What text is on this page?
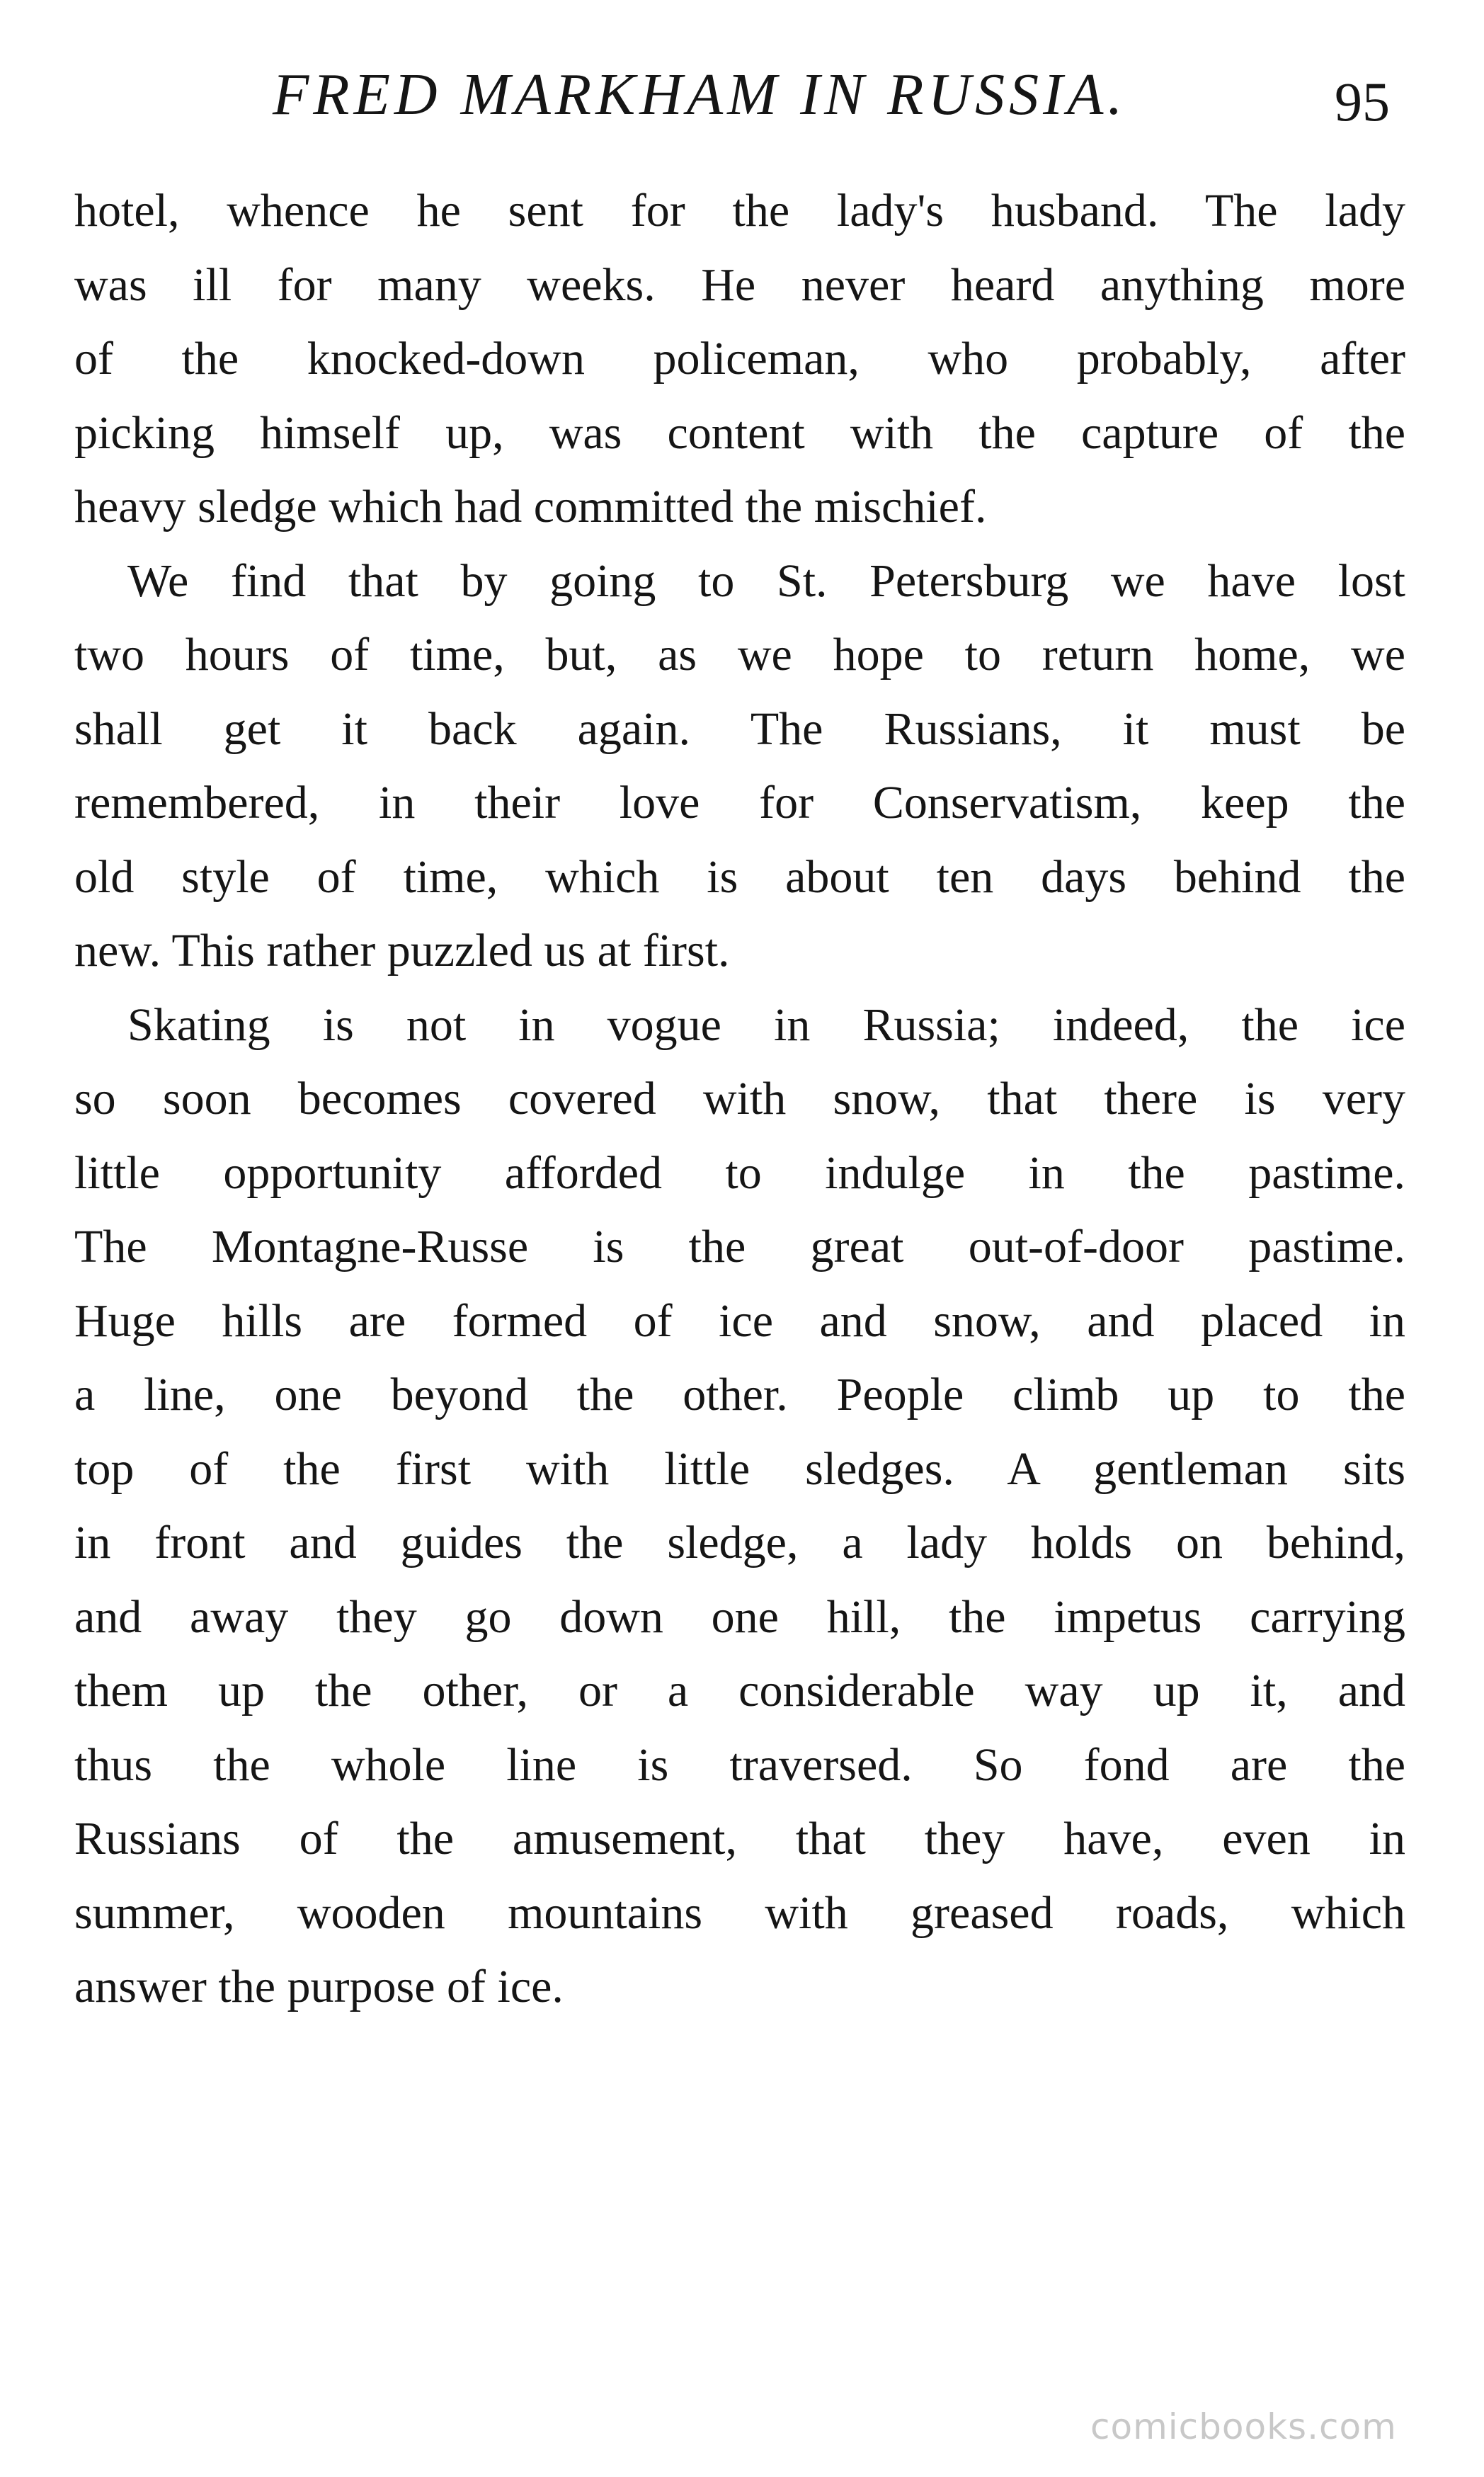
FRED MARKHAM IN RUSSIA.	95
hotel, whence he sent for the lady's husband. The lady
was ill for many weeks. He never heard anything more
of the knocked-down policeman, who probably, after
picking himself up, was content with the capture of the
heavy sledge which had committed the mischief.
We find that by going to St. Petersburg we have lost
two hours of time, but, as we hope to return home, we
shall get it back again. The Russians, it must be
remembered, in their love for Conservatism, keep the
old style of time, which is about ten days behind the
new. This rather puzzled us at first.
Skating is not in vogue in Russia; indeed, the ice
so soon becomes covered with snow, that there is very
little opportunity afforded to indulge in the pastime.
The Montagne-Russe is the great out-of-door pastime.
Huge hills are formed of ice and snow, and placed in
a line, one beyond the other. People climb up to the
top of the first with little sledges. A gentleman sits
in front and guides the sledge, a lady holds on behind,
and away they go down one hill, the impetus carrying
them up the other, or a considerable way up it, and
thus the whole line is traversed. So fond are the
Russians of the amusement, that they have, even in
summer, wooden mountains with greased roads, which
answer the purpose of ice.
comicbooks.com
